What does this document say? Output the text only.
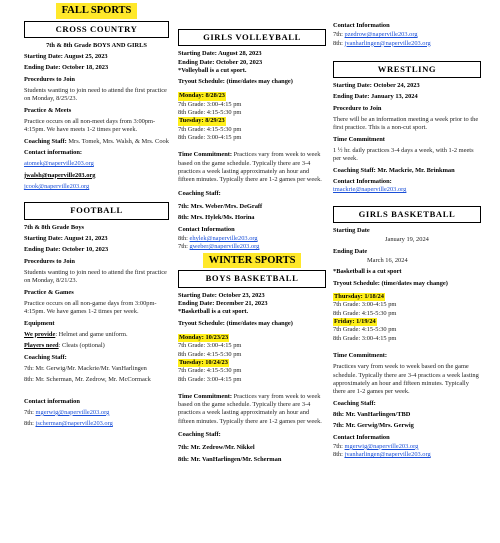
FALL SPORTS
CROSS COUNTRY

7th & 8th Grade BOYS AND GIRLS

Starting Date: August 25, 2023

Ending Date: October 18, 2023

Procedures to Join

Students wanting to join need to attend the first practice on Monday, 8/25/23.

Practice & Meets

Practice occurs on all non-meet days from 3:00pm-4:15pm. We have meets 1-2 times per week.

Coaching Staff: Mrs. Tomek, Mrs. Walsh, & Mrs. Cook

Contact information:

atomek@naperville203.org

jwalsh@naperville203.org

jcook@naperville203.org

FOOTBALL

7th & 8th Grade Boys

Starting Date: August 21, 2023

Ending Date: October 10, 2023

Procedures to Join

Students wanting to join need to attend the first practice on Monday, 8/21/23.

Practice & Games

Practice occurs on all non-game days from 3:00pm-4:15pm. We have games 1-2 times per week.

Equipment

We provide: Helmet and game uniform.

Players need: Cleats (optional)

Coaching Staff:

7th: Mr. Gerwig/Mr. Mackrie/Mr. VanHarlingen

8th: Mr. Scherman, Mr. Zedrow, Mr. McCormack

Contact information

7th: mgerwig@naperville203.org

8th: jscherman@naperville203.org

GIRLS VOLLEYBALL

Starting Date: August 28, 2023

Ending Date: October 20, 2023

*Volleyball is a cut sport.

Tryout Schedule: (time/dates may change)

Monday: 8/28/23

7th Grade: 3:00-4:15 pm

8th Grade: 4:15-5:30 pm

Tuesday: 8/29/23

7th Grade: 4:15-5:30 pm

8th Grade: 3:00-4:15 pm

Time Commitment: Practices vary from week to week based on the game schedule. Typically there are 3-4 practices a week lasting approximately an hour and fifteen minutes. Typically there are 1-2 games per week.

Coaching Staff:

7th: Mrs. Weber/Mrs. DeGraff

8th: Mrs. Hylek/Ms. Horina

Contact Information

8th: ehylek@naperville203.org

7th: gweber@naperville203.org

WINTER SPORTS
BOYS BASKETBALL

Starting Date: October 23, 2023

Ending Date: December 21, 2023

*Basketball is a cut sport.

Tryout Schedule: (time/dates may change)

Monday: 10/23/23

7th Grade: 3:00-4:15 pm

8th Grade: 4:15-5:30 pm

Tuesday: 10/24/23

7th Grade: 4:15-5:30 pm

8th Grade: 3:00-4:15 pm

Time Commitment: Practices vary from week to week based on the game schedule. Typically there are 3-4 practices a week lasting approximately an hour and fifteen minutes. Typically there are 1-2 games per week.

Coaching Staff:

7th: Mr. Zedrow/Mr. Nikkel

8th: Mr. VanHarlingen/Mr. Scherman

Contact Information

7th: pzedrow@naperville203.org

8th: jvanharlingen@naperville203.org

WRESTLING

Starting Date: October 24, 2023

Ending Date: January 13, 2024

Procedure to Join

There will be an information meeting a week prior to the first practice. This is a non-cut sport.

Time Commitment

1 ½ hr. daily practices 3-4 days a week, with 1-2 meets per week.

Coaching Staff: Mr. Mackrie, Mr. Brinkman

Contact Information:

tmackrie@naperville203.org

GIRLS BASKETBALL

Starting Date

January 19, 2024

Ending Date

March 16, 2024

*Basketball is a cut sport

Tryout Schedule: (time/dates may change)

Thursday: 1/18/24

7th Grade: 3:00-4:15 pm

8th Grade: 4:15-5:30 pm

Friday: 1/19/24

7th Grade: 4:15-5:30 pm

8th Grade: 3:00-4:15 pm

Time Commitment:

Practices vary from week to week based on the game schedule. Typically there are 3-4 practices a week lasting approximately an hour and fifteen minutes. Typically there are 1-2 games per week.

Coaching Staff:

8th: Mr. VanHarlingen/TBD

7th: Mr. Gerwig/Mrs. Gerwig

Contact Information

7th: mgerwig@naperville203.org

8th: jvanharlingen@naperville203.org
